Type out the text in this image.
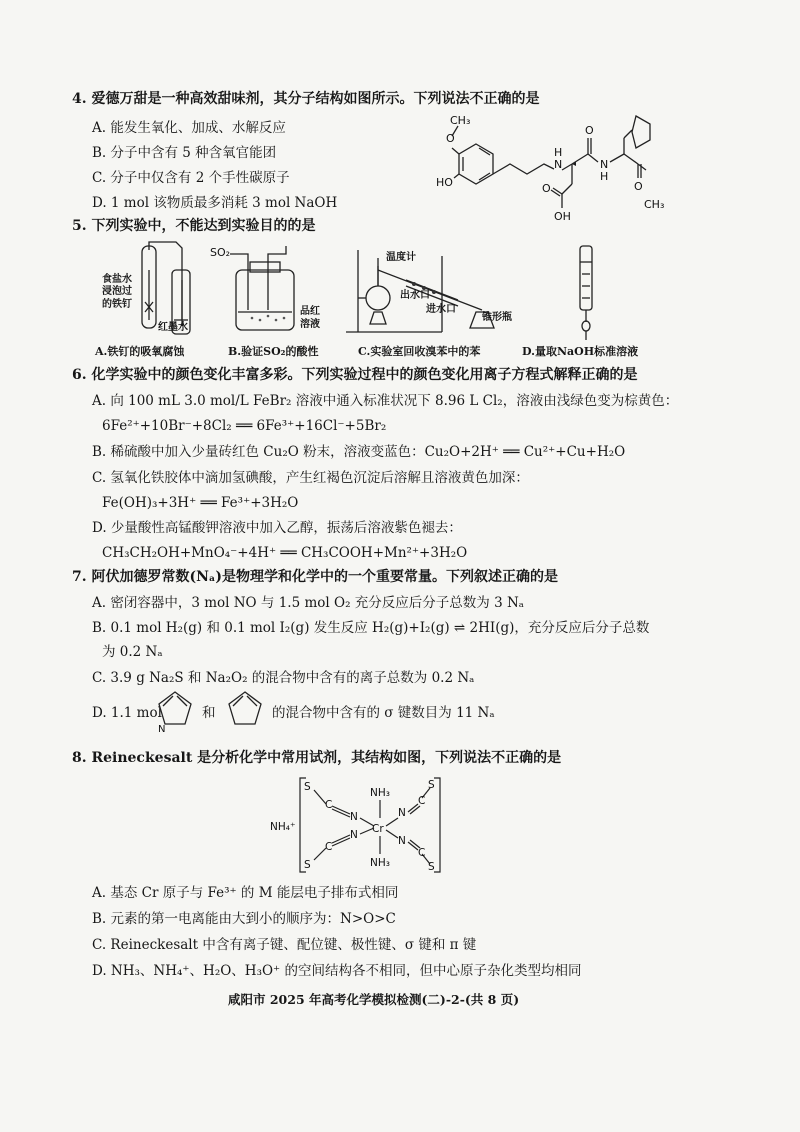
4. 爱德万甜是一种高效甜味剂，其分子结构如图所示。下列说法不正确的是
A. 能发生氧化、加成、水解反应
B. 分子中含有 5 种含氧官能团
C. 分子中仅含有 2 个手性碳原子
D. 1 mol 该物质最多消耗 3 mol NaOH
CH₃
O
HO
N
H
O
N
H
OH
O	O
CH₃
5. 下列实验中，不能达到实验目的的是
食盐水
浸泡过
的铁钉
红墨水
SO₂
品红
溶液
温度计
出水口
进水口
锥形瓶
A.铁钉的吸氧腐蚀	B.验证SO₂的酸性	C.实验室回收溴苯中的苯	D.量取NaOH标准溶液
6. 化学实验中的颜色变化丰富多彩。下列实验过程中的颜色变化用离子方程式解释正确的是
A. 向 100 mL 3.0 mol/L FeBr₂ 溶液中通入标准状况下 8.96 L Cl₂，溶液由浅绿色变为棕黄色：
6Fe²⁺+10Br⁻+8Cl₂ ══ 6Fe³⁺+16Cl⁻+5Br₂
B. 稀硫酸中加入少量砖红色 Cu₂O 粉末，溶液变蓝色：Cu₂O+2H⁺ ══ Cu²⁺+Cu+H₂O
C. 氢氧化铁胶体中滴加氢碘酸，产生红褐色沉淀后溶解且溶液黄色加深：
Fe(OH)₃+3H⁺ ══ Fe³⁺+3H₂O
D. 少量酸性高锰酸钾溶液中加入乙醇，振荡后溶液紫色褪去：
CH₃CH₂OH+MnO₄⁻+4H⁺ ══ CH₃COOH+Mn²⁺+3H₂O
7. 阿伏加德罗常数(Nₐ)是物理学和化学中的一个重要常量。下列叙述正确的是
A. 密闭容器中，3 mol NO 与 1.5 mol O₂ 充分反应后分子总数为 3 Nₐ
B. 0.1 mol H₂(g) 和 0.1 mol I₂(g) 发生反应 H₂(g)+I₂(g) ⇌ 2HI(g)，充分反应后分子总数
为 0.2 Nₐ
C. 3.9 g Na₂S 和 Na₂O₂ 的混合物中含有的离子总数为 0.2 Nₐ
D. 1.1 mol
N
和	的混合物中含有的 σ 键数目为 11 Nₐ
8. Reineckesalt 是分析化学中常用试剂，其结构如图，下列说法不正确的是
S
C
N
S
C
N Cr
NH₃
NH₃
N
C
S
N
C
S
NH₄⁺
A. 基态 Cr 原子与 Fe³⁺ 的 M 能层电子排布式相同
B. 元素的第一电离能由大到小的顺序为：N>O>C
C. Reineckesalt 中含有离子键、配位键、极性键、σ 键和 π 键
D. NH₃、NH₄⁺、H₂O、H₃O⁺ 的空间结构各不相同，但中心原子杂化类型均相同
咸阳市 2025 年高考化学模拟检测(二)-2-(共 8 页)
